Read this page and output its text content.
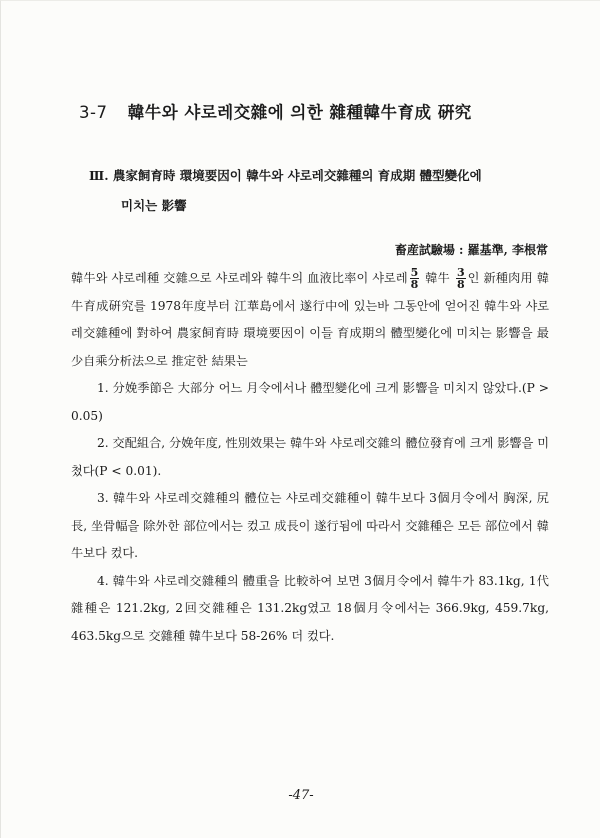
3-7 韓牛와 샤로레交雜에 의한 雜種韓牛育成 硏究
Ⅲ. 農家飼育時 環境要因이 韓牛와 샤로레交雜種의 育成期 體型變化에
미치는 影響
畜産試驗場 : 羅基準, 李根常

韓牛와 샤로레種 交雜으로 샤로레와 韓牛의 血液比率이 샤로레 $\frac{5}{8}$ 韓牛 $\frac{3}{8}$ 인 新種肉用 韓牛育成硏究를 1978年度부터 江華島에서 遂行中에 있는바 그동안에 얻어진 韓牛와 샤로레交雜種에 對하여 農家飼育時 環境要因이 이들 育成期의 體型變化에 미치는 影響을 最少自乘分析法으로 推定한 結果는

1. 分娩季節은 大部分 어느 月令에서나 體型變化에 크게 影響을 미치지 않았다.(P > 0.05)

2. 交配組合, 分娩年度, 性別效果는 韓牛와 샤로레交雜의 體位發育에 크게 影響을 미쳤다(P < 0.01).

3. 韓牛와 샤로레交雜種의 體位는 샤로레交雜種이 韓牛보다 3個月令에서 胸深, 尻長, 坐骨幅을 除外한 部位에서는 컸고 成長이 遂行됨에 따라서 交雜種은 모든 部位에서 韓牛보다 컸다.

4. 韓牛와 샤로레交雜種의 體重을 比較하여 보면 3個月令에서 韓牛가 83.1kg, 1代雜種은 121.2kg, 2回交雜種은 131.2kg였고 18個月令에서는 366.9kg, 459.7kg, 463.5kg으로 交雜種 韓牛보다 58-26% 더 컸다.

-47-
